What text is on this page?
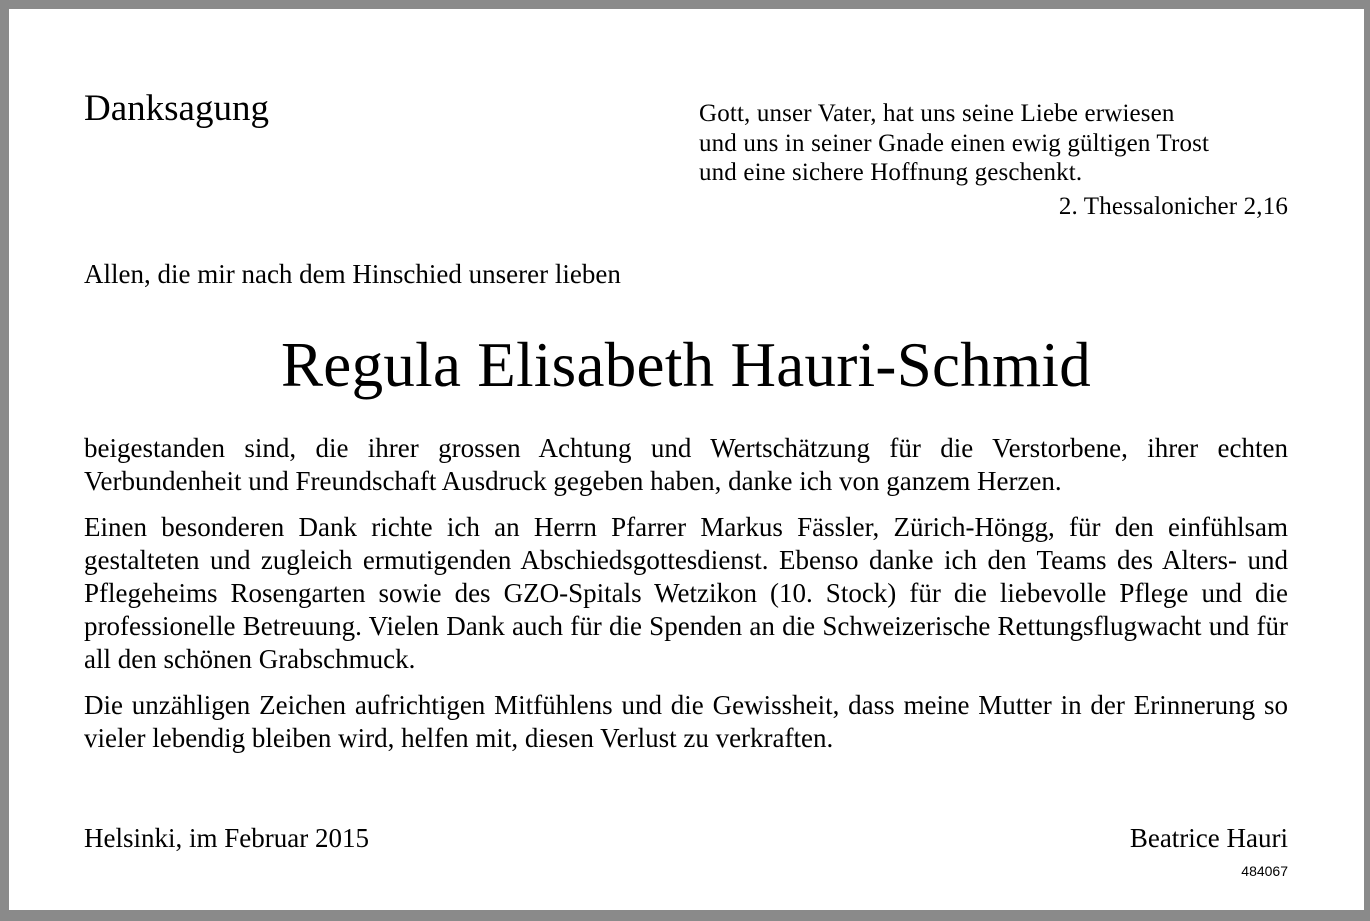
Danksagung	Gott, unser Vater, hat uns seine Liebe erwiesen
und uns in seiner Gnade einen ewig gültigen Trost
und eine sichere Hoffnung geschenkt.
2. Thessalonicher 2,16
Allen, die mir nach dem Hinschied unserer lieben
Regula Elisabeth Hauri-Schmid

beigestanden sind, die ihrer grossen Achtung und Wertschätzung für die Verstorbene, ihrer echten Verbundenheit und Freundschaft Ausdruck gegeben haben, danke ich von ganzem Herzen.

Einen besonderen Dank richte ich an Herrn Pfarrer Markus Fässler, Zürich-Höngg, für den einfühlsam gestalteten und zugleich ermutigenden Abschiedsgottesdienst. Ebenso danke ich den Teams des Alters- und Pflegeheims Rosengarten sowie des GZO-Spitals Wetzikon (10. Stock) für die liebevolle Pflege und die professionelle Betreuung. Vielen Dank auch für die Spenden an die Schweizerische Rettungsflugwacht und für all den schönen Grabschmuck.

Die unzähligen Zeichen aufrichtigen Mitfühlens und die Gewissheit, dass meine Mutter in der Erinnerung so vieler lebendig bleiben wird, helfen mit, diesen Verlust zu verkraften.

Helsinki, im Februar 2015	Beatrice Hauri
484067
